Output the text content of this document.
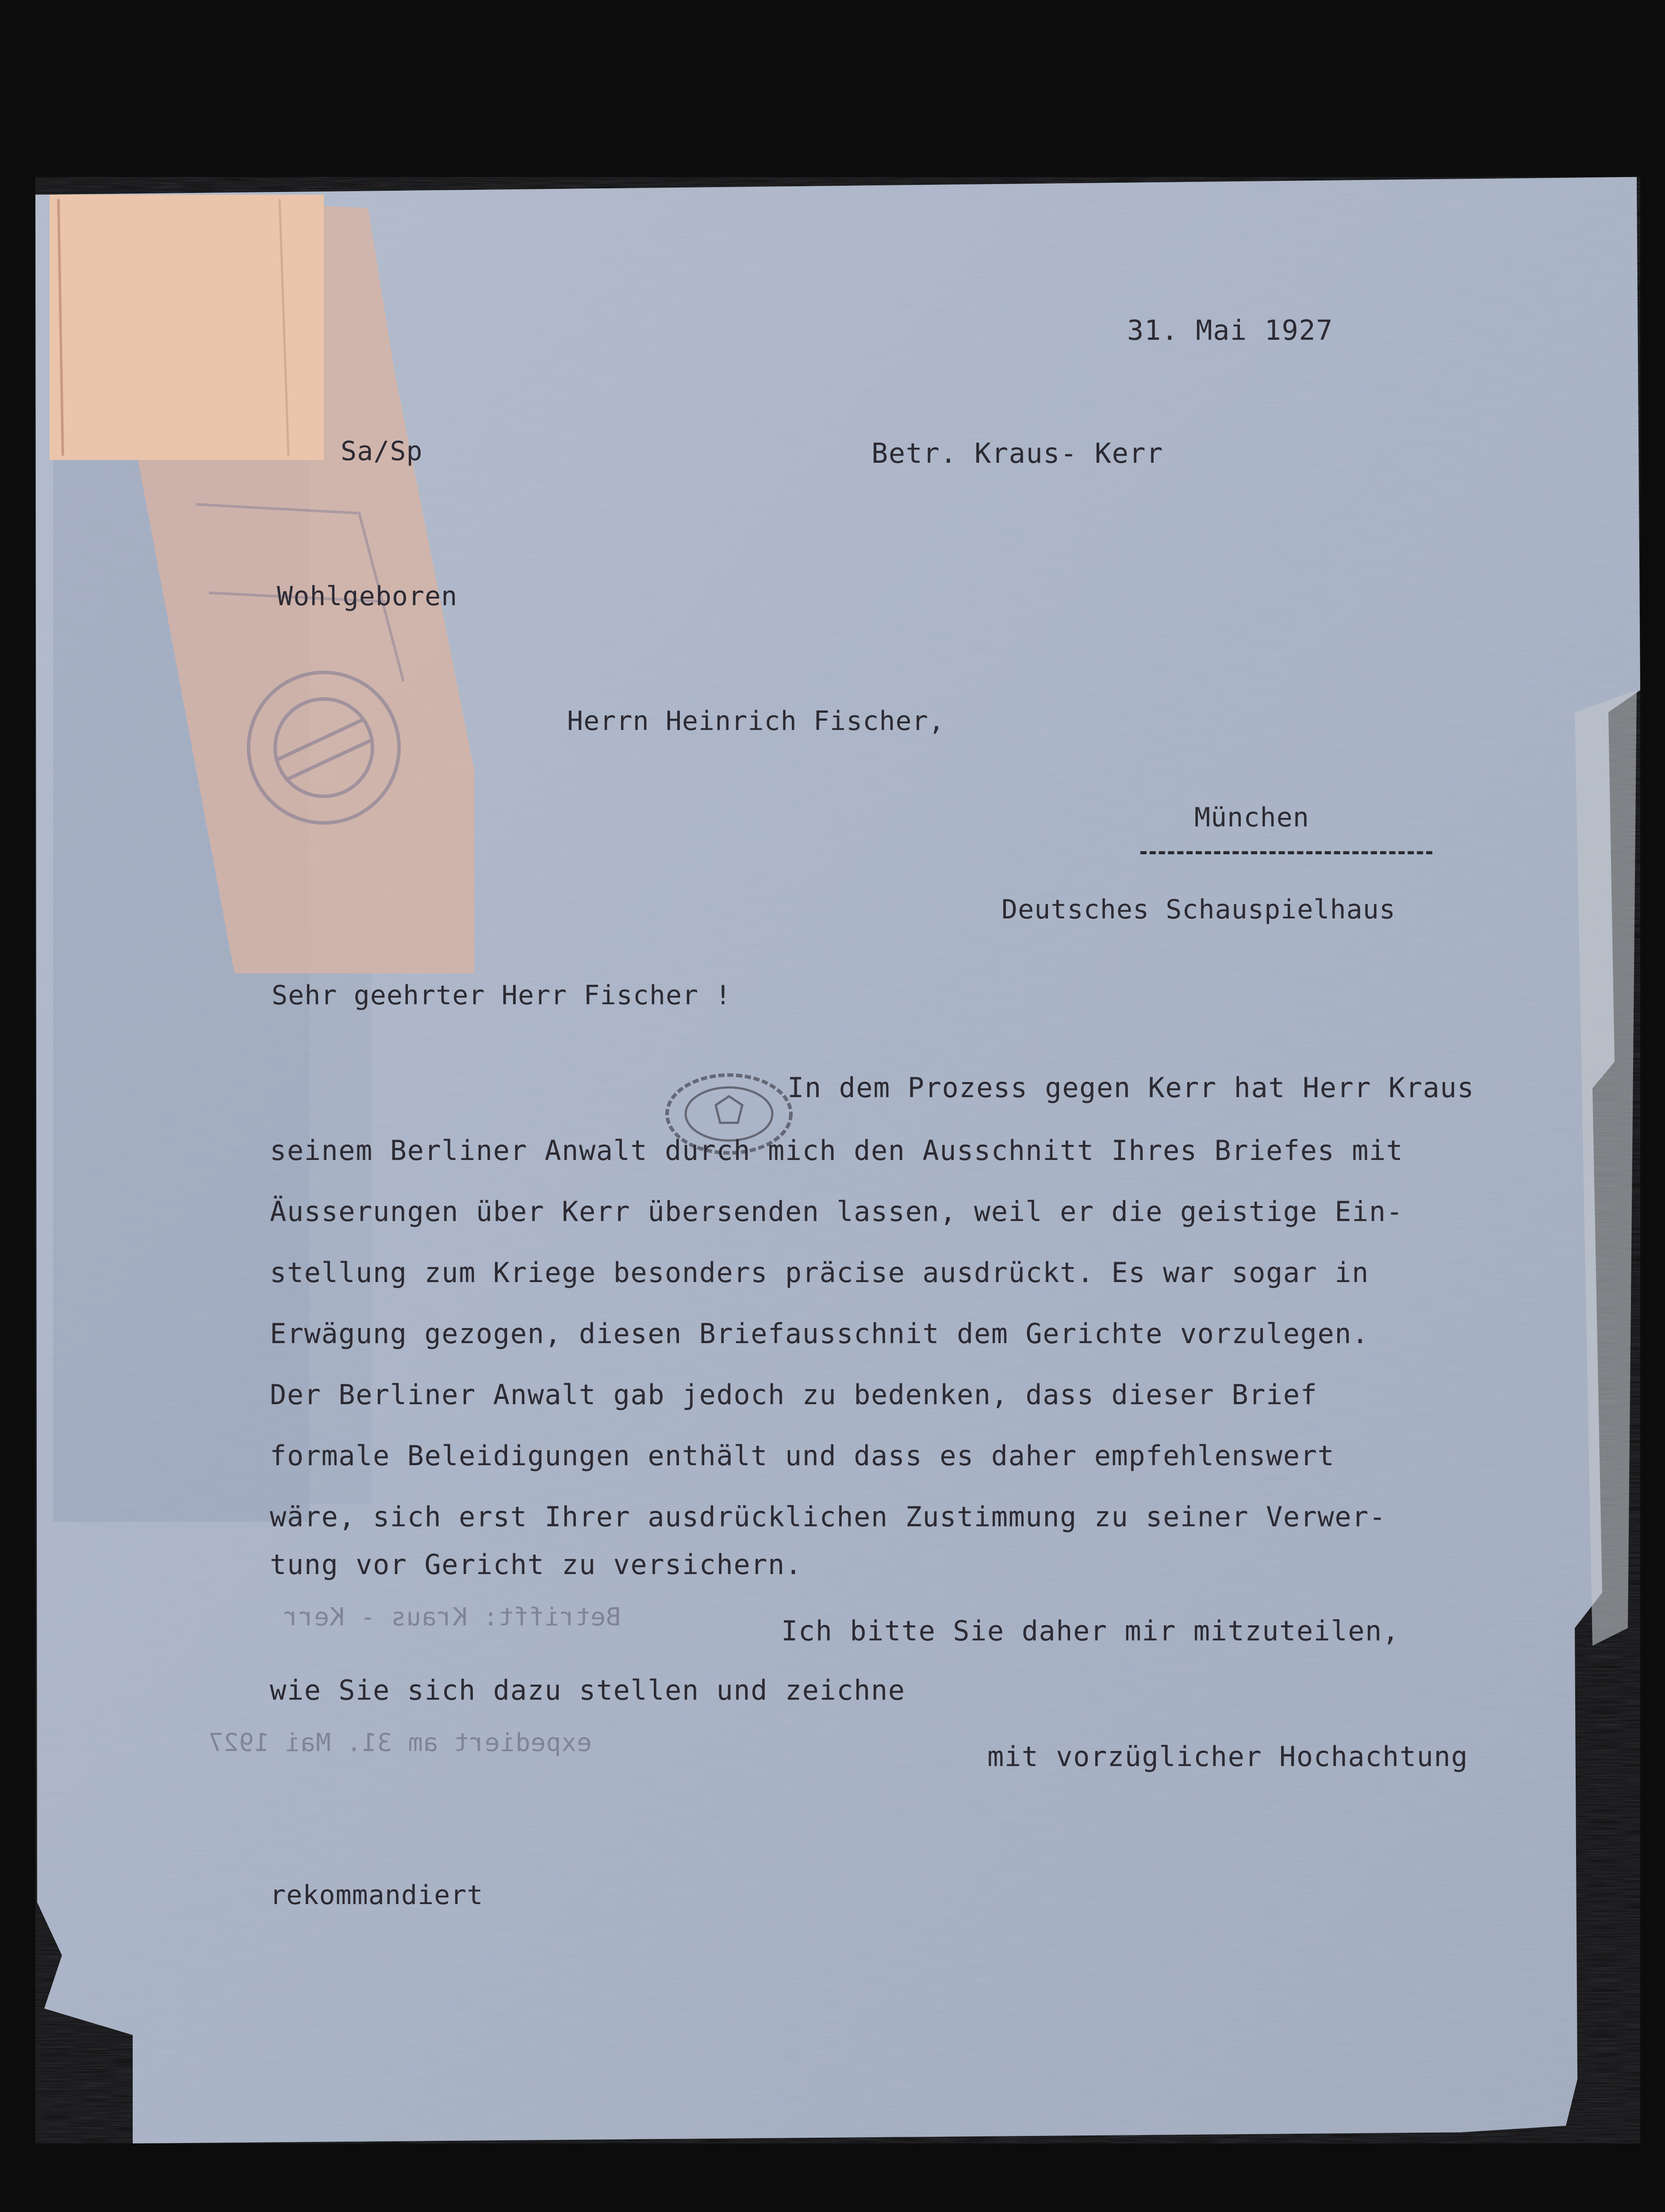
31. Mai 1927

Sa/Sp	Betr. Kraus- Kerr

Wohlgeboren

Herrn Heinrich Fischer,

München

Deutsches Schauspielhaus

Sehr geehrter Herr Fischer !

In dem Prozess gegen Kerr hat Herr Kraus

seinem Berliner Anwalt durch mich den Ausschnitt Ihres Briefes mit

Äusserungen über Kerr übersenden lassen, weil er die geistige Ein-

stellung zum Kriege besonders präcise ausdrückt. Es war sogar in

Erwägung gezogen, diesen Briefausschnit dem Gerichte vorzulegen.

Der Berliner Anwalt gab jedoch zu bedenken, dass dieser Brief

formale Beleidigungen enthält und dass es daher empfehlenswert

wäre, sich erst Ihrer ausdrücklichen Zustimmung zu seiner Verwer-

tung vor Gericht zu versichern.

Betrifft: Kraus - Kerr

expediert am 31. Mai 1927

Ich bitte Sie daher mir mitzuteilen,

wie Sie sich dazu stellen und zeichne

mit vorzüglicher Hochachtung

rekommandiert
